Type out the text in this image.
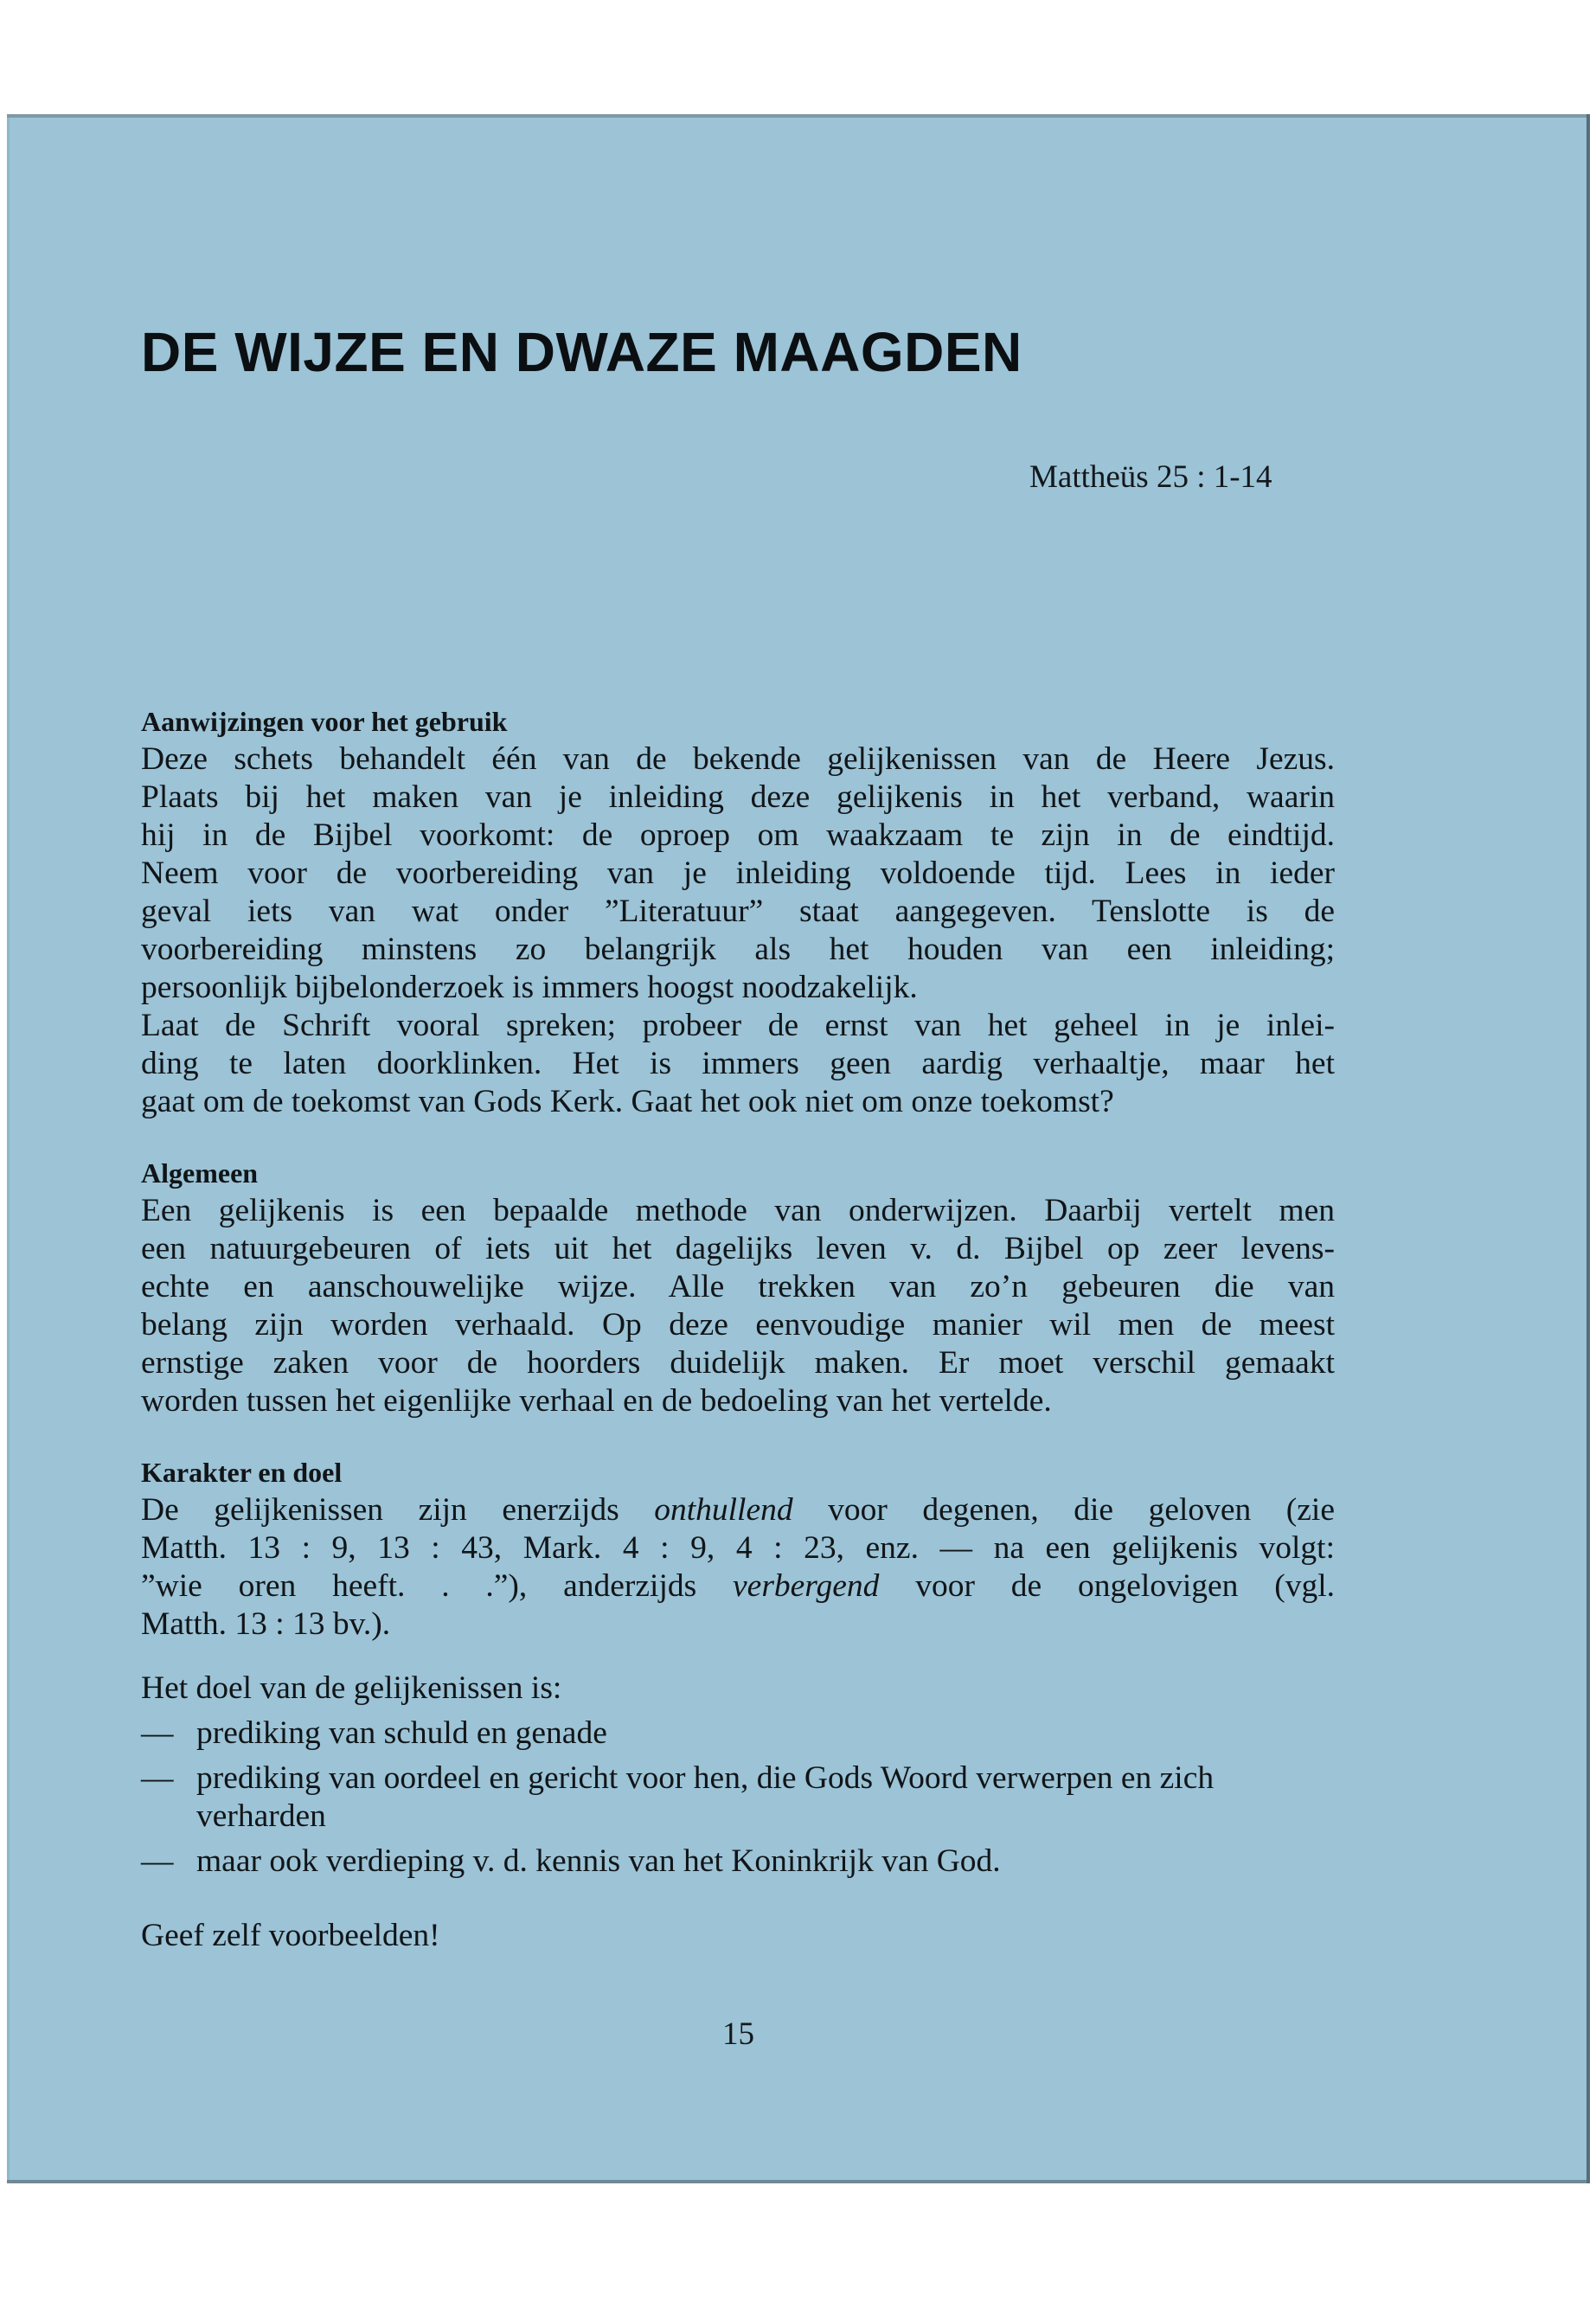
DE WIJZE EN DWAZE MAAGDEN
Mattheüs 25 : 1-14

Aanwijzingen voor het gebruik

Deze schets behandelt één van de bekende gelijkenissen van de Heere Jezus.
Plaats bij het maken van je inleiding deze gelijkenis in het verband, waarin
hij in de Bijbel voorkomt: de oproep om waakzaam te zijn in de eindtijd.
Neem voor de voorbereiding van je inleiding voldoende tijd. Lees in ieder
geval iets van wat onder ”Literatuur” staat aangegeven. Tenslotte is de
voorbereiding minstens zo belangrijk als het houden van een inleiding;
persoonlijk bijbelonderzoek is immers hoogst noodzakelijk.
Laat de Schrift vooral spreken; probeer de ernst van het geheel in je inlei-
ding te laten doorklinken. Het is immers geen aardig verhaaltje, maar het
gaat om de toekomst van Gods Kerk. Gaat het ook niet om onze toekomst?

Algemeen

Een gelijkenis is een bepaalde methode van onderwijzen. Daarbij vertelt men
een natuurgebeuren of iets uit het dagelijks leven v. d. Bijbel op zeer levens-
echte en aanschouwelijke wijze. Alle trekken van zo’n gebeuren die van
belang zijn worden verhaald. Op deze eenvoudige manier wil men de meest
ernstige zaken voor de hoorders duidelijk maken. Er moet verschil gemaakt
worden tussen het eigenlijke verhaal en de bedoeling van het vertelde.

Karakter en doel

De gelijkenissen zijn enerzijds onthullend voor degenen, die geloven (zie
Matth. 13 : 9, 13 : 43, Mark. 4 : 9, 4 : 23, enz. — na een gelijkenis volgt:
”wie oren heeft. . .”), anderzijds verbergend voor de ongelovigen (vgl.
Matth. 13 : 13 bv.).

Het doel van de gelijkenissen is:

— prediking van schuld en genade
— prediking van oordeel en gericht voor hen, die Gods Woord verwerpen en zich verharden
— maar ook verdieping v. d. kennis van het Koninkrijk van God.

Geef zelf voorbeelden!

15
